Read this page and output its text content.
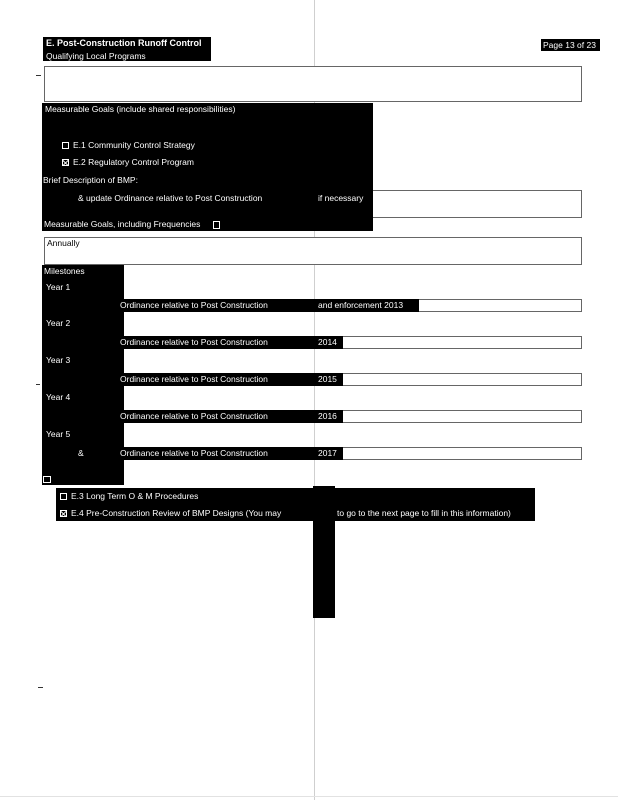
E. Post-Construction Runoff Control
Qualifying Local Programs
Page 13 of 23
Measurable Goals (include shared responsibilities)
E.1 Community Control Strategy
E.2 Regulatory Control Program
Brief Description of BMP:
& update Ordinance relative to Post Construction	if necessary
Measurable Goals, including Frequencies
Annually
Milestones
Year 1
Ordinance relative to Post Construction	and enforcement 2013
Year 2
Ordinance relative to Post Construction	2014
Year 3
Ordinance relative to Post Construction	2015
Year 4
Ordinance relative to Post Construction	2016
Year 5
&	Ordinance relative to Post Construction	2017
E.3 Long Term O & M Procedures
E.4 Pre-Construction Review of BMP Designs (You may	to go to the next page to fill in this information)
